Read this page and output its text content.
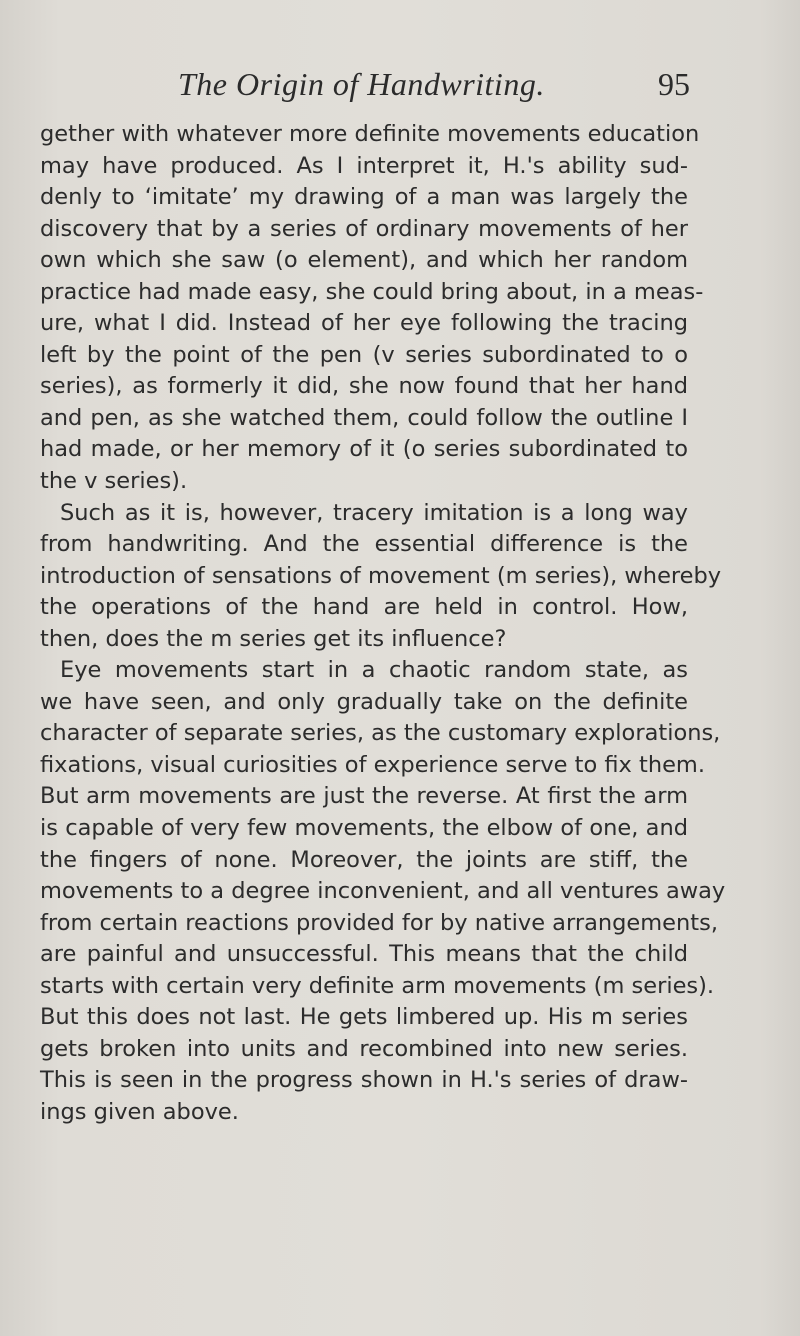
The Origin of Handwriting.	95
gether with whatever more definite movements education
may have produced. As I interpret it, H.'s ability sud-
denly to ‘imitate’ my drawing of a man was largely the
discovery that by a series of ordinary movements of her
own which she saw (o element), and which her random
practice had made easy, she could bring about, in a meas-
ure, what I did. Instead of her eye following the tracing
left by the point of the pen (v series subordinated to o
series), as formerly it did, she now found that her hand
and pen, as she watched them, could follow the outline I
had made, or her memory of it (o series subordinated to
the v series).
Such as it is, however, tracery imitation is a long way
from handwriting. And the essential difference is the
introduction of sensations of movement (m series), whereby
the operations of the hand are held in control. How,
then, does the m series get its influence?
Eye movements start in a chaotic random state, as
we have seen, and only gradually take on the definite
character of separate series, as the customary explorations,
fixations, visual curiosities of experience serve to fix them.
But arm movements are just the reverse. At first the arm
is capable of very few movements, the elbow of one, and
the fingers of none. Moreover, the joints are stiff, the
movements to a degree inconvenient, and all ventures away
from certain reactions provided for by native arrangements,
are painful and unsuccessful. This means that the child
starts with certain very definite arm movements (m series).
But this does not last. He gets limbered up. His m series
gets broken into units and recombined into new series.
This is seen in the progress shown in H.'s series of draw-
ings given above.
